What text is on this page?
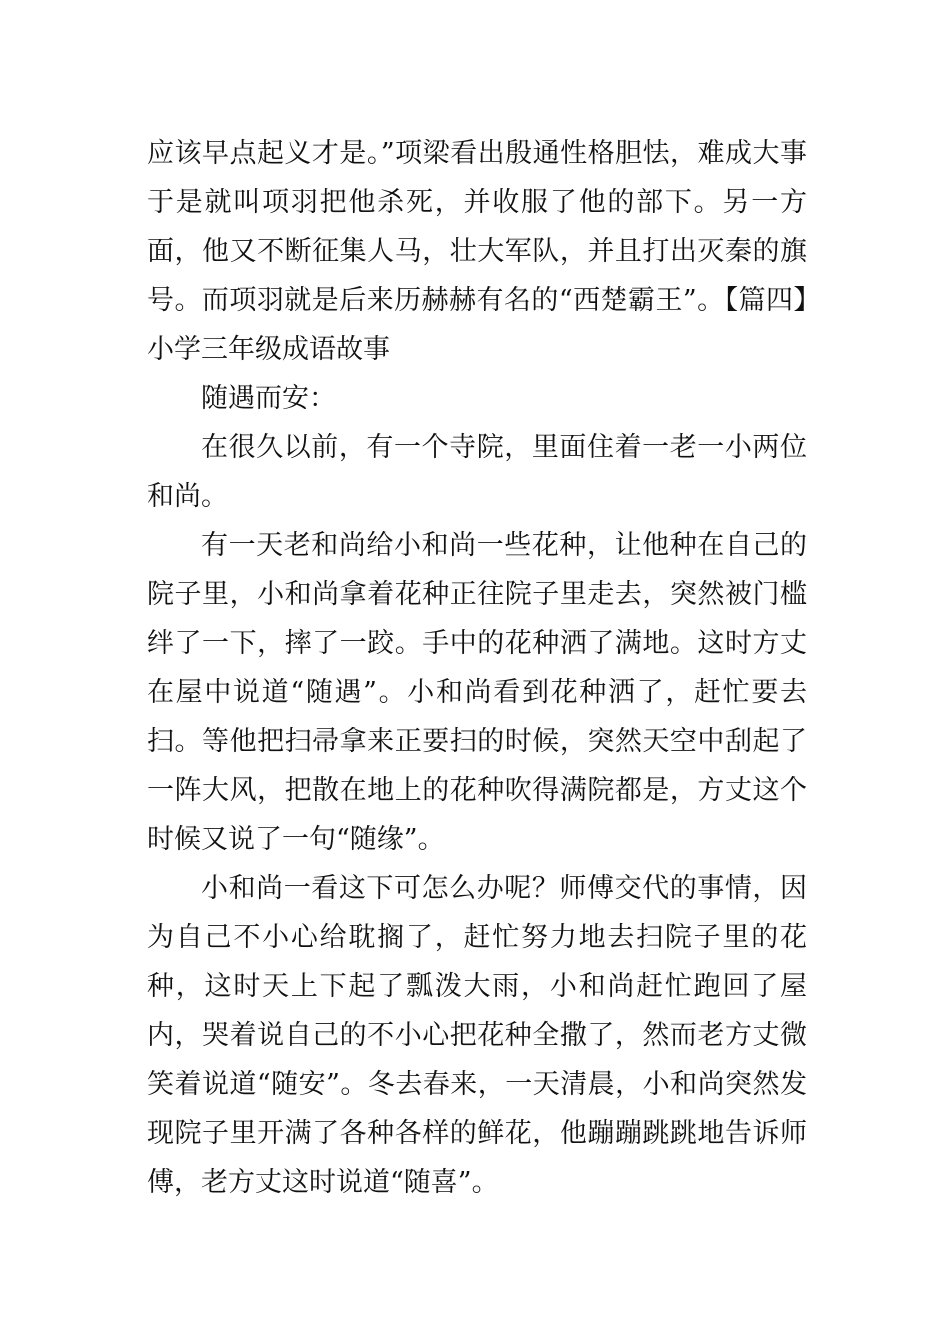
应该早点起义才是。”项梁看出殷通性格胆怯，难成大事于是就叫项羽把他杀死，并收服了他的部下。另一方面，他又不断征集人马，壮大军队，并且打出灭秦的旗号。而项羽就是后来历赫赫有名的“西楚霸王”。【篇四】小学三年级成语故事

随遇而安：

在很久以前，有一个寺院，里面住着一老一小两位和尚。

有一天老和尚给小和尚一些花种，让他种在自己的院子里，小和尚拿着花种正往院子里走去，突然被门槛绊了一下，摔了一跤。手中的花种洒了满地。这时方丈在屋中说道“随遇”。小和尚看到花种洒了，赶忙要去扫。等他把扫帚拿来正要扫的时候，突然天空中刮起了一阵大风，把散在地上的花种吹得满院都是，方丈这个时候又说了一句“随缘”。

小和尚一看这下可怎么办呢？师傅交代的事情，因为自己不小心给耽搁了，赶忙努力地去扫院子里的花种，这时天上下起了瓢泼大雨，小和尚赶忙跑回了屋内，哭着说自己的不小心把花种全撒了，然而老方丈微笑着说道“随安”。冬去春来，一天清晨，小和尚突然发现院子里开满了各种各样的鲜花，他蹦蹦跳跳地告诉师傅，老方丈这时说道“随喜”。
